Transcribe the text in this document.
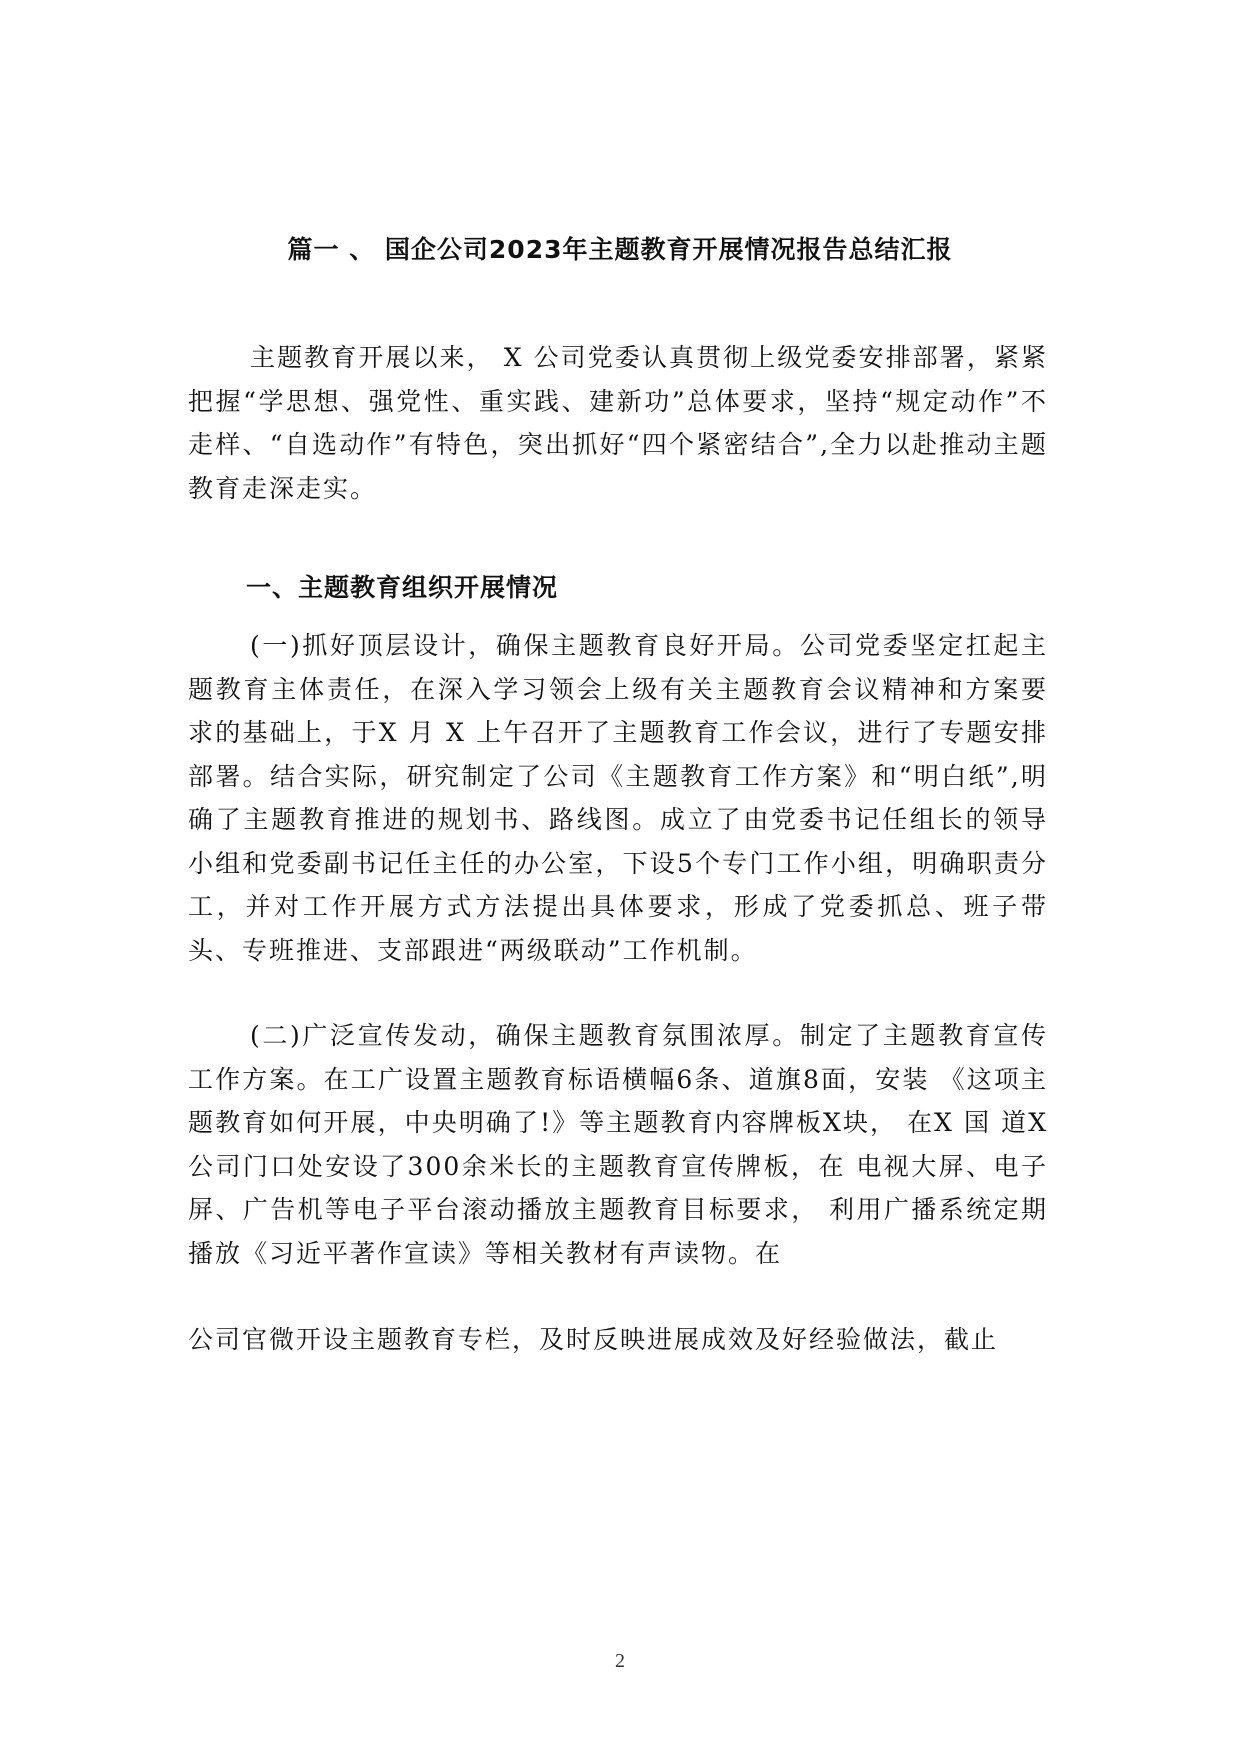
篇一 、 国企公司2023年主题教育开展情况报告总结汇报

主题教育开展以来， X 公司党委认真贯彻上级党委安排部署，紧紧把握“学思想、强党性、重实践、建新功”总体要求，坚持“规定动作”不走样、“自选动作”有特色，突出抓好“四个紧密结合”,全力以赴推动主题教育走深走实。

一、主题教育组织开展情况

(一)抓好顶层设计，确保主题教育良好开局。公司党委坚定扛起主题教育主体责任，在深入学习领会上级有关主题教育会议精神和方案要求的基础上，于X 月 X 上午召开了主题教育工作会议，进行了专题安排部署。结合实际，研究制定了公司《主题教育工作方案》和“明白纸”,明确了主题教育推进的规划书、路线图。成立了由党委书记任组长的领导小组和党委副书记任主任的办公室，下设5个专门工作小组，明确职责分工，并对工作开展方式方法提出具体要求，形成了党委抓总、班子带头、专班推进、支部跟进“两级联动”工作机制。

(二)广泛宣传发动，确保主题教育氛围浓厚。制定了主题教育宣传工作方案。在工广设置主题教育标语横幅6条、道旗8面，安装 《这项主题教育如何开展，中央明确了!》等主题教育内容牌板X块， 在X 国 道X 公司门口处安设了300余米长的主题教育宣传牌板，在 电视大屏、电子屏、广告机等电子平台滚动播放主题教育目标要求， 利用广播系统定期播放《习近平著作宣读》等相关教材有声读物。在

公司官微开设主题教育专栏，及时反映进展成效及好经验做法，截止

2
